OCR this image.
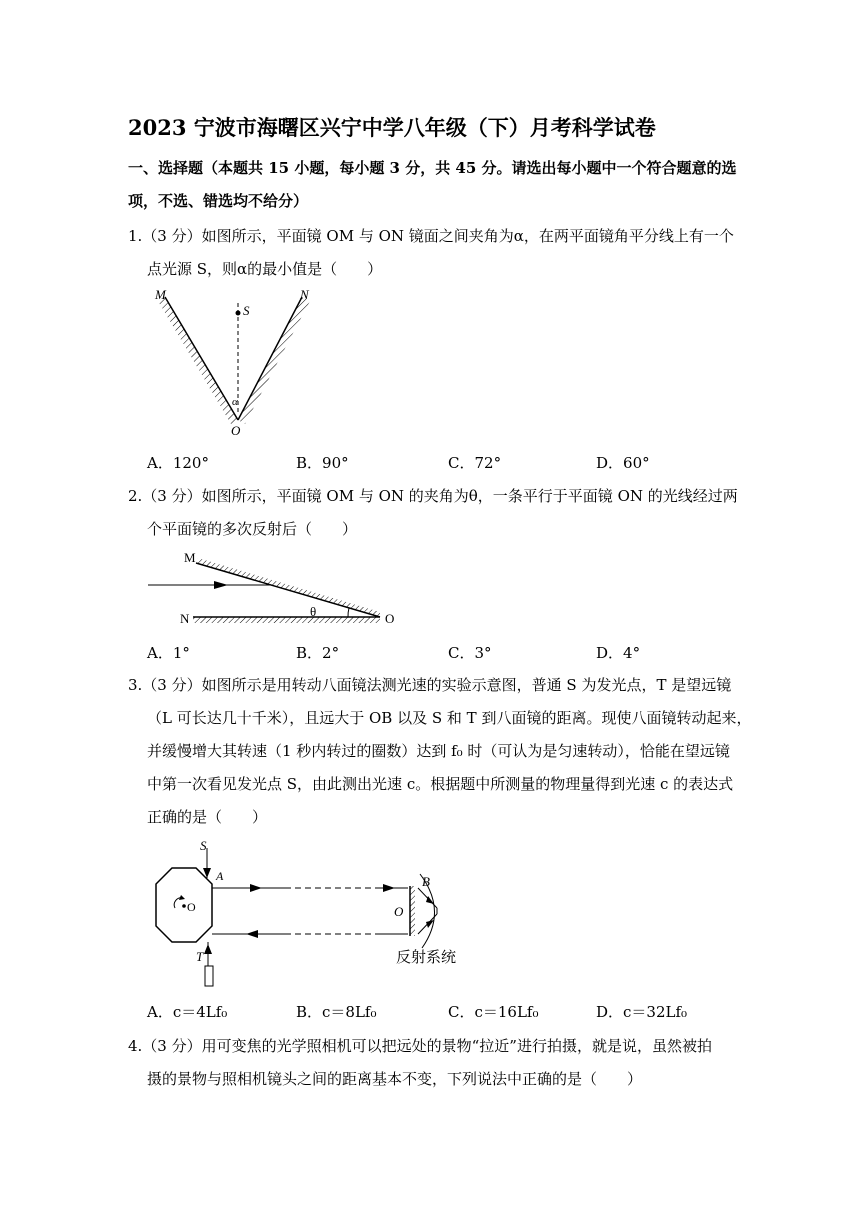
2023 宁波市海曙区兴宁中学八年级（下）月考科学试卷
一、选择题（本题共 15 小题，每小题 3 分，共 45 分。请选出每小题中一个符合题意的选
项，不选、错选均不给分）
1.（3 分）如图所示，平面镜 OM 与 ON 镜面之间夹角为α，在两平面镜角平分线上有一个
点光源 S，则α的最小值是（　　）
M	N
S
α
O
A．120°	B．90°	C．72°	D．60°
2.（3 分）如图所示，平面镜 OM 与 ON 的夹角为θ，一条平行于平面镜 ON 的光线经过两
个平面镜的多次反射后（　　）
M
N	θ	O
A．1°	B．2°	C．3°	D．4°
3.（3 分）如图所示是用转动八面镜法测光速的实验示意图，普通 S 为发光点，T 是望远镜
（L 可长达几十千米），且远大于 OB 以及 S 和 T 到八面镜的距离。现使八面镜转动起来，
并缓慢增大其转速（1 秒内转过的圈数）达到 f₀ 时（可认为是匀速转动），恰能在望远镜
中第一次看见发光点 S，由此测出光速 c。根据题中所测量的物理量得到光速 c 的表达式
正确的是（　　）
O
S
A
O
B
反射系统
T
A．c＝4Lf₀	B．c＝8Lf₀	C．c＝16Lf₀	D．c＝32Lf₀
4.（3 分）用可变焦的光学照相机可以把远处的景物“拉近”进行拍摄，就是说，虽然被拍
摄的景物与照相机镜头之间的距离基本不变，下列说法中正确的是（　　）
